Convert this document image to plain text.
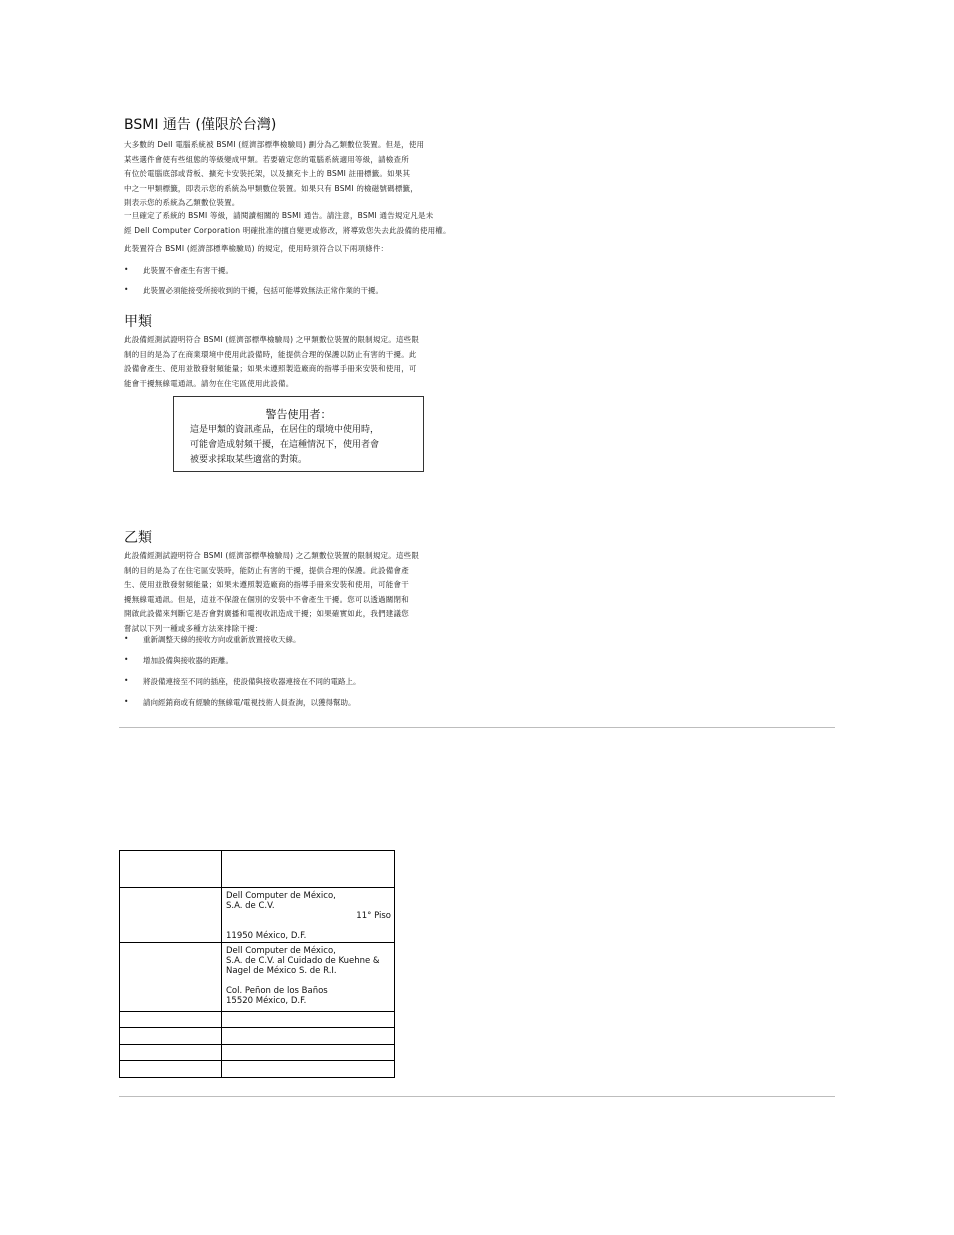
BSMI 通告 (僅限於台灣)
大多數的 Dell 電腦系統被 BSMI (經濟部標準檢驗局) 劃分為乙類數位裝置。但是，使用
某些選件會使有些組態的等級變成甲類。若要確定您的電腦系統適用等級，請檢查所
有位於電腦底部或背板、擴充卡安裝托架，以及擴充卡上的 BSMI 註冊標籤。如果其
中之一甲類標籤，即表示您的系統為甲類數位裝置。如果只有 BSMI 的檢磁號碼標籤，
則表示您的系統為乙類數位裝置。
一旦確定了系統的 BSMI 等級，請閱讀相關的 BSMI 通告。請注意，BSMI 通告規定凡是未
經 Dell Computer Corporation 明確批准的擅自變更或修改，將導致您失去此設備的使用權。
此裝置符合 BSMI (經濟部標準檢驗局) 的規定，使用時須符合以下兩項條件：
• 此裝置不會產生有害干擾。
• 此裝置必須能接受所接收到的干擾，包括可能導致無法正常作業的干擾。
甲類
此設備經測試證明符合 BSMI (經濟部標準檢驗局) 之甲類數位裝置的限制規定。這些限
制的目的是為了在商業環境中使用此設備時，能提供合理的保護以防止有害的干擾。此
設備會產生、使用並散發射頻能量；如果未遵照製造廠商的指導手冊來安裝和使用，可
能會干擾無線電通訊。請勿在住宅區使用此設備。
警告使用者：
這是甲類的資訊產品，在居住的環境中使用時，
可能會造成射頻干擾，在這種情況下，使用者會
被要求採取某些適當的對策。
乙類
此設備經測試證明符合 BSMI (經濟部標準檢驗局) 之乙類數位裝置的限制規定。這些限
制的目的是為了在住宅區安裝時，能防止有害的干擾，提供合理的保護。此設備會產
生、使用並散發射頻能量；如果未遵照製造廠商的指導手冊來安裝和使用，可能會干
擾無線電通訊。但是，這並不保證在個別的安裝中不會產生干擾。您可以透過關閉和
開啟此設備來判斷它是否會對廣播和電視收訊造成干擾；如果確實如此，我們建議您
嘗試以下列一種或多種方法來排除干擾：
• 重新調整天線的接收方向或重新放置接收天線。
• 增加設備與接收器的距離。
• 將設備連接至不同的插座，使設備與接收器連接在不同的電路上。
• 請向經銷商或有經驗的無線電/電視技術人員查詢，以獲得幫助。

	Dell Computer de México,
S.A. de C.V.
11° Piso
11950 México, D.F.

	Dell Computer de México,
S.A. de C.V. al Cuidado de Kuehne &
Nagel de México S. de R.I.
Col. Peñon de los Baños
15520 México, D.F.
